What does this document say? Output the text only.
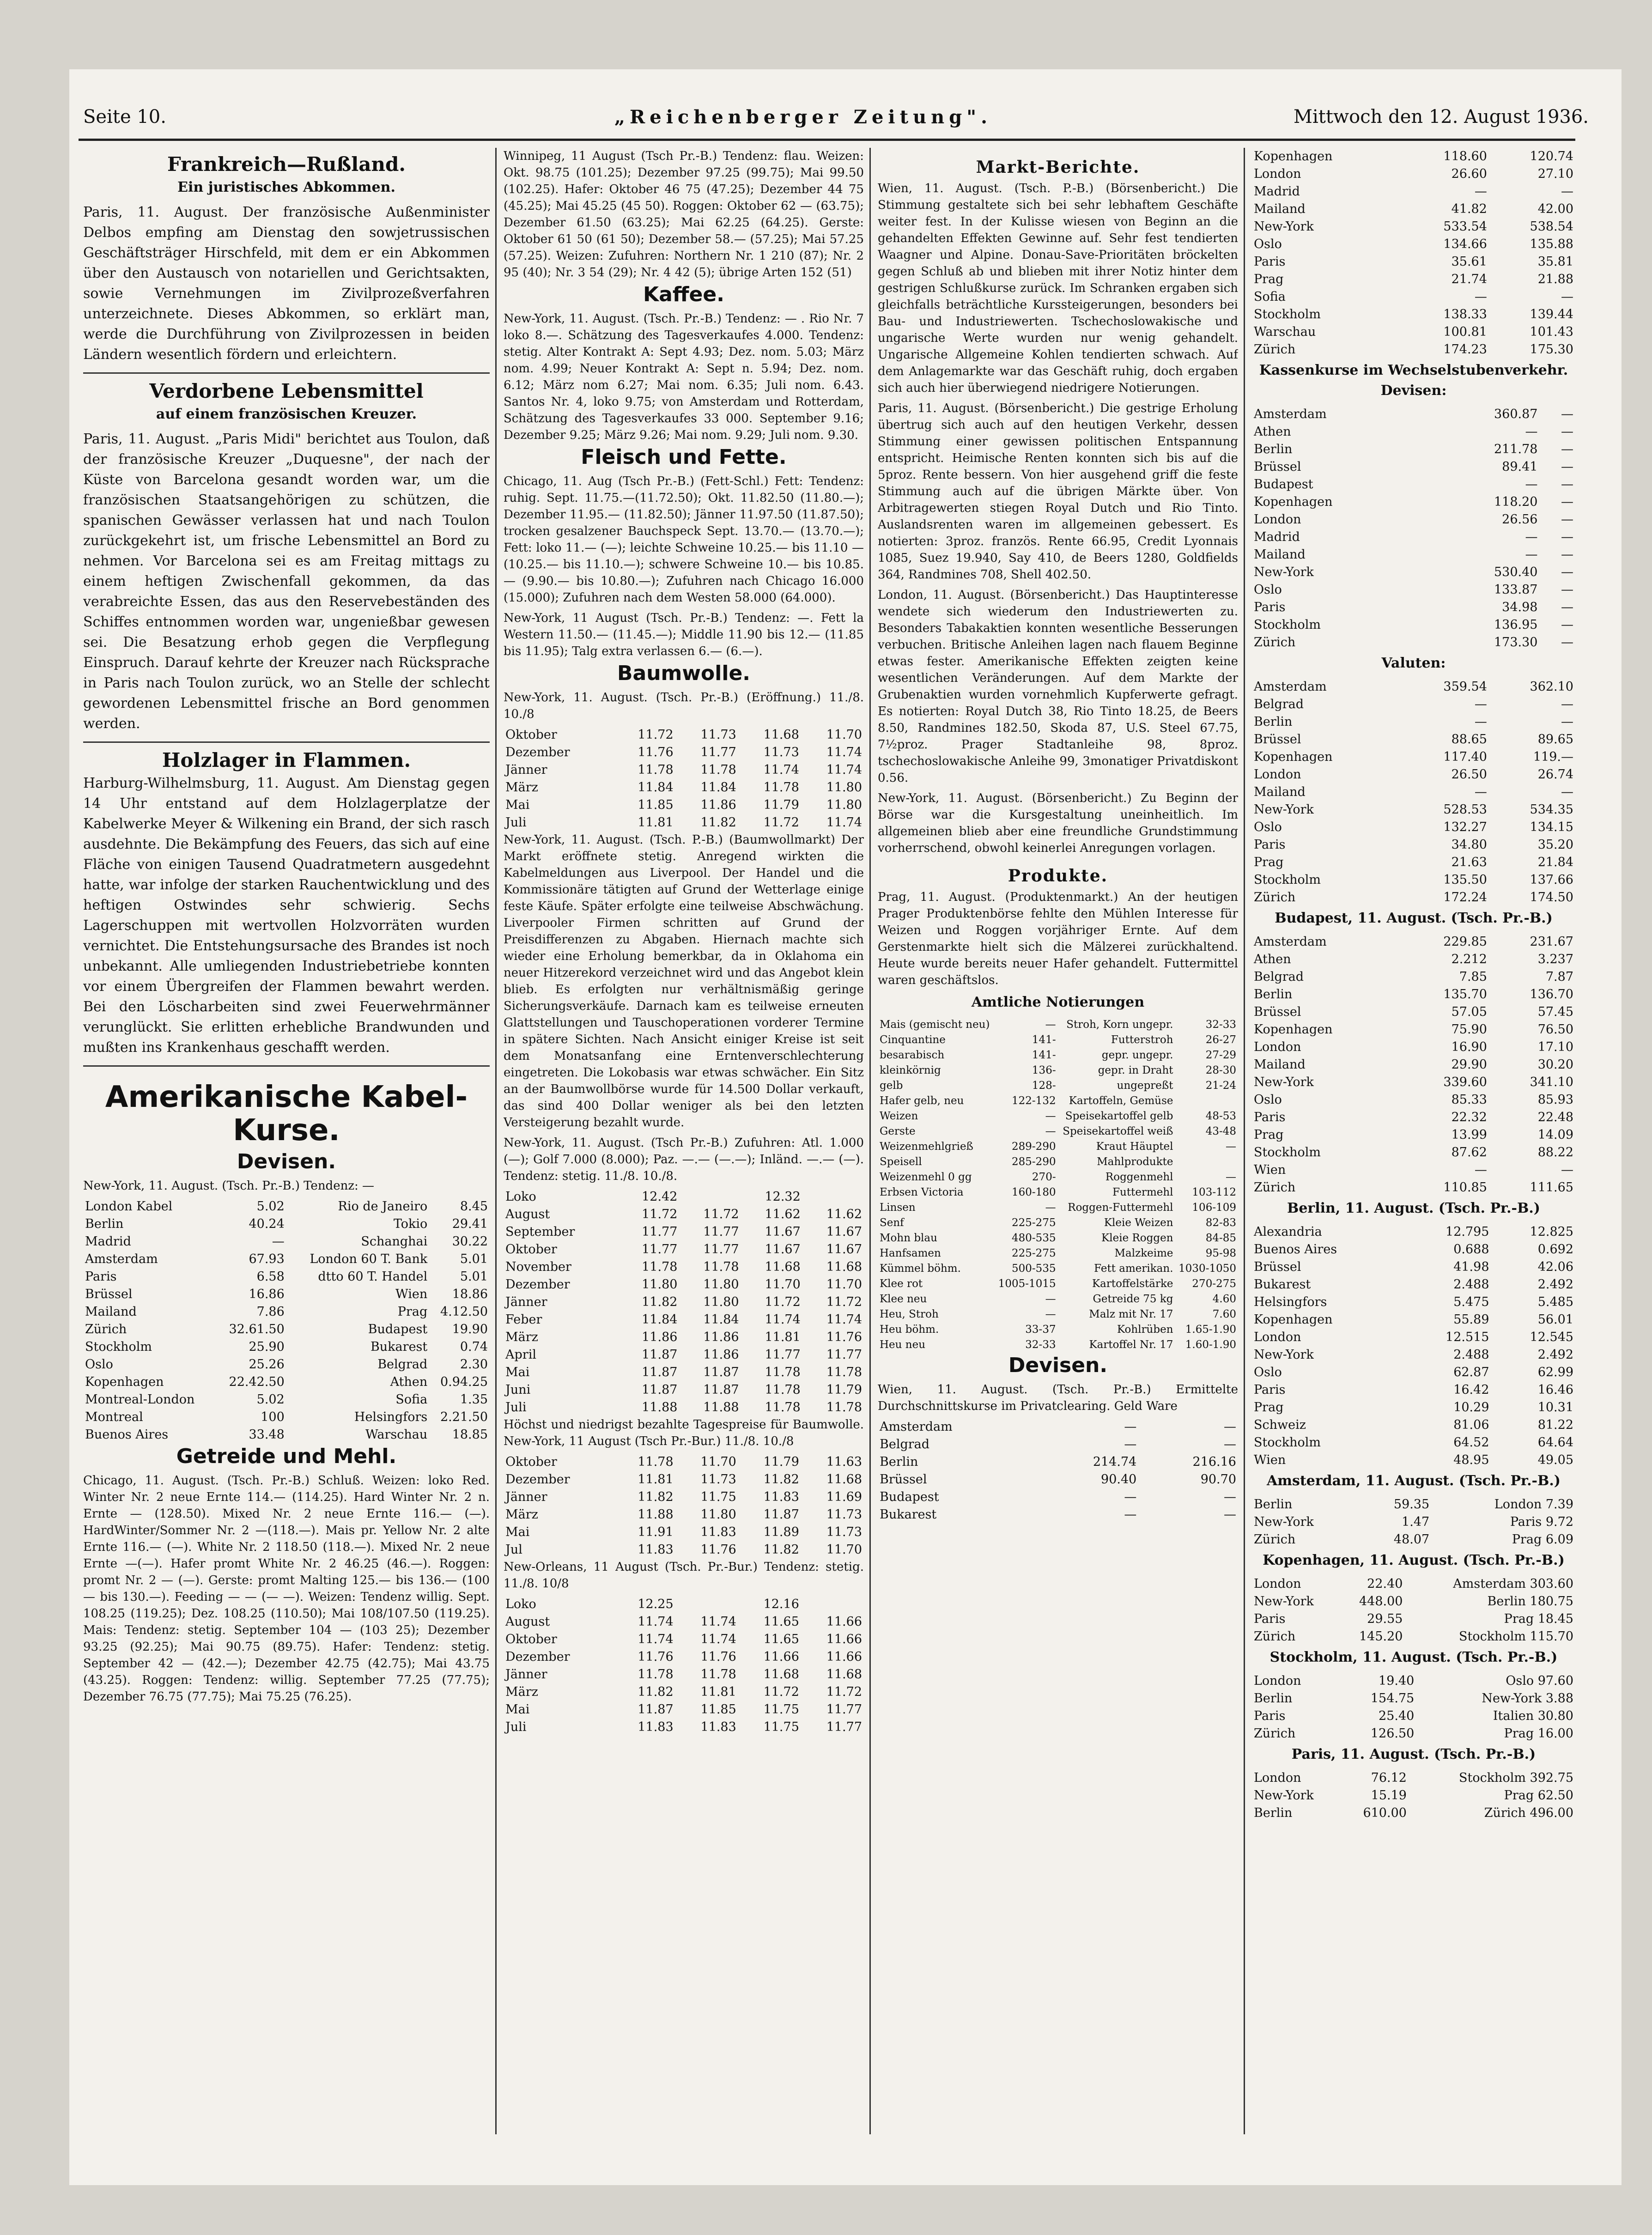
Seite 10.	„Reichenberger Zeitung".	Mittwoch den 12. August 1936.
Frankreich—Rußland.
Ein juristisches Abkommen.

Paris, 11. August. Der französische Außenminister Delbos empfing am Dienstag den sowjetrussischen Geschäftsträger Hirschfeld, mit dem er ein Abkommen über den Austausch von notariellen und Gerichtsakten, sowie Vernehmungen im Zivilprozeßverfahren unterzeichnete. Dieses Abkommen, so erklärt man, werde die Durchführung von Zivilprozessen in beiden Ländern wesentlich fördern und erleichtern.

Verdorbene Lebensmittel
auf einem französischen Kreuzer.

Paris, 11. August. „Paris Midi" berichtet aus Toulon, daß der französische Kreuzer „Duquesne", der nach der Küste von Barcelona gesandt worden war, um die französischen Staatsangehörigen zu schützen, die spanischen Gewässer verlassen hat und nach Toulon zurückgekehrt ist, um frische Lebensmittel an Bord zu nehmen. Vor Barcelona sei es am Freitag mittags zu einem heftigen Zwischenfall gekommen, da das verabreichte Essen, das aus den Reservebeständen des Schiffes entnommen worden war, ungenießbar gewesen sei. Die Besatzung erhob gegen die Verpflegung Einspruch. Darauf kehrte der Kreuzer nach Rücksprache in Paris nach Toulon zurück, wo an Stelle der schlecht gewordenen Lebensmittel frische an Bord genommen werden.

Holzlager in Flammen.

Harburg-Wilhelmsburg, 11. August. Am Dienstag gegen 14 Uhr entstand auf dem Holzlagerplatze der Kabelwerke Meyer & Wilkening ein Brand, der sich rasch ausdehnte. Die Bekämpfung des Feuers, das sich auf eine Fläche von einigen Tausend Quadratmetern ausgedehnt hatte, war infolge der starken Rauchentwicklung und des heftigen Ostwindes sehr schwierig. Sechs Lagerschuppen mit wertvollen Holzvorräten wurden vernichtet. Die Entstehungsursache des Brandes ist noch unbekannt. Alle umliegenden Industriebetriebe konnten vor einem Übergreifen der Flammen bewahrt werden. Bei den Löscharbeiten sind zwei Feuerwehrmänner verunglückt. Sie erlitten erhebliche Brandwunden und mußten ins Krankenhaus geschafft werden.

Amerikanische Kabel-Kurse.
Devisen.

New-York, 11. August. (Tsch. Pr.-B.) Tendenz: —

London Kabel	5.02	Rio de Janeiro	8.45
Berlin	40.24	Tokio	29.41
Madrid	—	Schanghai	30.22
Amsterdam	67.93	London 60 T. Bank	5.01
Paris	6.58	dtto 60 T. Handel	5.01
Brüssel	16.86	Wien	18.86
Mailand	7.86	Prag	4.12.50
Zürich	32.61.50	Budapest	19.90
Stockholm	25.90	Bukarest	0.74
Oslo	25.26	Belgrad	2.30
Kopenhagen	22.42.50	Athen	0.94.25
Montreal-London	5.02	Sofia	1.35
Montreal	100	Helsingfors	2.21.50
Buenos Aires	33.48	Warschau	18.85
Getreide und Mehl.

Chicago, 11. August. (Tsch. Pr.-B.) Schluß. Weizen: loko Red. Winter Nr. 2 neue Ernte 114.— (114.25). Hard Winter Nr. 2 n. Ernte — (128.50). Mixed Nr. 2 neue Ernte 116.— (—). HardWinter/Sommer Nr. 2 —(118.—). Mais pr. Yellow Nr. 2 alte Ernte 116.— (—). White Nr. 2 118.50 (118.—). Mixed Nr. 2 neue Ernte —(—). Hafer promt White Nr. 2 46.25 (46.—). Roggen: promt Nr. 2 — (—). Gerste: promt Malting 125.— bis 136.— (100 — bis 130.—). Feeding — — (— —). Weizen: Tendenz willig. Sept. 108.25 (119.25); Dez. 108.25 (110.50); Mai 108/107.50 (119.25). Mais: Tendenz: stetig. September 104 — (103 25); Dezember 93.25 (92.25); Mai 90.75 (89.75). Hafer: Tendenz: stetig. September 42 — (42.—); Dezember 42.75 (42.75); Mai 43.75 (43.25). Roggen: Tendenz: willig. September 77.25 (77.75); Dezember 76.75 (77.75); Mai 75.25 (76.25).

Winnipeg, 11 August (Tsch Pr.-B.) Tendenz: flau. Weizen: Okt. 98.75 (101.25); Dezember 97.25 (99.75); Mai 99.50 (102.25). Hafer: Oktober 46 75 (47.25); Dezember 44 75 (45.25); Mai 45.25 (45 50). Roggen: Oktober 62 — (63.75); Dezember 61.50 (63.25); Mai 62.25 (64.25). Gerste: Oktober 61 50 (61 50); Dezember 58.— (57.25); Mai 57.25 (57.25). Weizen: Zufuhren: Northern Nr. 1 210 (87); Nr. 2 95 (40); Nr. 3 54 (29); Nr. 4 42 (5); übrige Arten 152 (51)

Kaffee.

New-York, 11. August. (Tsch. Pr.-B.) Tendenz: — . Rio Nr. 7 loko 8.—. Schätzung des Tagesverkaufes 4.000. Tendenz: stetig. Alter Kontrakt A: Sept 4.93; Dez. nom. 5.03; März nom. 4.99; Neuer Kontrakt A: Sept n. 5.94; Dez. nom. 6.12; März nom 6.27; Mai nom. 6.35; Juli nom. 6.43. Santos Nr. 4, loko 9.75; von Amsterdam und Rotterdam, Schätzung des Tagesverkaufes 33 000. September 9.16; Dezember 9.25; März 9.26; Mai nom. 9.29; Juli nom. 9.30.

Fleisch und Fette.

Chicago, 11. Aug (Tsch Pr.-B.) (Fett-Schl.) Fett: Tendenz: ruhig. Sept. 11.75.—(11.72.50); Okt. 11.82.50 (11.80.—); Dezember 11.95.— (11.82.50); Jänner 11.97.50 (11.87.50); trocken gesalzener Bauchspeck Sept. 13.70.— (13.70.—); Fett: loko 11.— (—); leichte Schweine 10.25.— bis 11.10 — (10.25.— bis 11.10.—); schwere Schweine 10.— bis 10.85.— (9.90.— bis 10.80.—); Zufuhren nach Chicago 16.000 (15.000); Zufuhren nach dem Westen 58.000 (64.000).

New-York, 11 August (Tsch. Pr.-B.) Tendenz: —. Fett la Western 11.50.— (11.45.—); Middle 11.90 bis 12.— (11.85 bis 11.95); Talg extra verlassen 6.— (6.—).

Baumwolle.

New-York, 11. August. (Tsch. Pr.-B.) (Eröffnung.) 11./8. 10./8

Oktober	11.72	11.73	11.68	11.70
Dezember	11.76	11.77	11.73	11.74
Jänner	11.78	11.78	11.74	11.74
März	11.84	11.84	11.78	11.80
Mai	11.85	11.86	11.79	11.80
Juli	11.81	11.82	11.72	11.74

New-York, 11. August. (Tsch. P.-B.) (Baumwollmarkt) Der Markt eröffnete stetig. Anregend wirkten die Kabelmeldungen aus Liverpool. Der Handel und die Kommissionäre tätigten auf Grund der Wetterlage einige feste Käufe. Später erfolgte eine teilweise Abschwächung. Liverpooler Firmen schritten auf Grund der Preisdifferenzen zu Abgaben. Hiernach machte sich wieder eine Erholung bemerkbar, da in Oklahoma ein neuer Hitzerekord verzeichnet wird und das Angebot klein blieb. Es erfolgten nur verhältnismäßig geringe Sicherungsverkäufe. Darnach kam es teilweise erneuten Glattstellungen und Tauschoperationen vorderer Termine in spätere Sichten. Nach Ansicht einiger Kreise ist seit dem Monatsanfang eine Erntenverschlechterung eingetreten. Die Lokobasis war etwas schwächer. Ein Sitz an der Baumwollbörse wurde für 14.500 Dollar verkauft, das sind 400 Dollar weniger als bei den letzten Versteigerung bezahlt wurde.

New-York, 11. August. (Tsch Pr.-B.) Zufuhren: Atl. 1.000 (—); Golf 7.000 (8.000); Paz. —.— (—.—); Inländ. —.— (—). Tendenz: stetig. 11./8. 10./8.

Loko	12.42		12.32	
August	11.72	11.72	11.62	11.62
September	11.77	11.77	11.67	11.67
Oktober	11.77	11.77	11.67	11.67
November	11.78	11.78	11.68	11.68
Dezember	11.80	11.80	11.70	11.70
Jänner	11.82	11.80	11.72	11.72
Feber	11.84	11.84	11.74	11.74
März	11.86	11.86	11.81	11.76
April	11.87	11.86	11.77	11.77
Mai	11.87	11.87	11.78	11.78
Juni	11.87	11.87	11.78	11.79
Juli	11.88	11.88	11.78	11.78

Höchst und niedrigst bezahlte Tagespreise für Baumwolle. New-York, 11 August (Tsch Pr.-Bur.) 11./8. 10./8

Oktober	11.78	11.70	11.79	11.63
Dezember	11.81	11.73	11.82	11.68
Jänner	11.82	11.75	11.83	11.69
März	11.88	11.80	11.87	11.73
Mai	11.91	11.83	11.89	11.73
Jul	11.83	11.76	11.82	11.70

New-Orleans, 11 August (Tsch. Pr.-Bur.) Tendenz: stetig. 11./8. 10/8

Loko	12.25		12.16	
August	11.74	11.74	11.65	11.66
Oktober	11.74	11.74	11.65	11.66
Dezember	11.76	11.76	11.66	11.66
Jänner	11.78	11.78	11.68	11.68
März	11.82	11.81	11.72	11.72
Mai	11.87	11.85	11.75	11.77
Juli	11.83	11.83	11.75	11.77
Markt-Berichte.

Wien, 11. August. (Tsch. P.-B.) (Börsenbericht.) Die Stimmung gestaltete sich bei sehr lebhaftem Geschäfte weiter fest. In der Kulisse wiesen von Beginn an die gehandelten Effekten Gewinne auf. Sehr fest tendierten Waagner und Alpine. Donau-Save-Prioritäten bröckelten gegen Schluß ab und blieben mit ihrer Notiz hinter dem gestrigen Schlußkurse zurück. Im Schranken ergaben sich gleichfalls beträchtliche Kurssteigerungen, besonders bei Bau- und Industriewerten. Tschechoslowakische und ungarische Werte wurden nur wenig gehandelt. Ungarische Allgemeine Kohlen tendierten schwach. Auf dem Anlagemarkte war das Geschäft ruhig, doch ergaben sich auch hier überwiegend niedrigere Notierungen.

Paris, 11. August. (Börsenbericht.) Die gestrige Erholung übertrug sich auch auf den heutigen Verkehr, dessen Stimmung einer gewissen politischen Entspannung entspricht. Heimische Renten konnten sich bis auf die 5proz. Rente bessern. Von hier ausgehend griff die feste Stimmung auch auf die übrigen Märkte über. Von Arbitragewerten stiegen Royal Dutch und Rio Tinto. Auslandsrenten waren im allgemeinen gebessert. Es notierten: 3proz. französ. Rente 66.95, Credit Lyonnais 1085, Suez 19.940, Say 410, de Beers 1280, Goldfields 364, Randmines 708, Shell 402.50.

London, 11. August. (Börsenbericht.) Das Hauptinteresse wendete sich wiederum den Industriewerten zu. Besonders Tabakaktien konnten wesentliche Besserungen verbuchen. Britische Anleihen lagen nach flauem Beginne etwas fester. Amerikanische Effekten zeigten keine wesentlichen Veränderungen. Auf dem Markte der Grubenaktien wurden vornehmlich Kupferwerte gefragt. Es notierten: Royal Dutch 38, Rio Tinto 18.25, de Beers 8.50, Randmines 182.50, Skoda 87, U.S. Steel 67.75, 7½proz. Prager Stadtanleihe 98, 8proz. tschechoslowakische Anleihe 99, 3monatiger Privatdiskont 0.56.

New-York, 11. August. (Börsenbericht.) Zu Beginn der Börse war die Kursgestaltung uneinheitlich. Im allgemeinen blieb aber eine freundliche Grundstimmung vorherrschend, obwohl keinerlei Anregungen vorlagen.

Produkte.

Prag, 11. August. (Produktenmarkt.) An der heutigen Prager Produktenbörse fehlte den Mühlen Interesse für Weizen und Roggen vorjähriger Ernte. Auf dem Gerstenmarkte hielt sich die Mälzerei zurückhaltend. Heute wurde bereits neuer Hafer gehandelt. Futtermittel waren geschäftslos.

Amtliche Notierungen
Mais (gemischt neu)	—	Stroh, Korn ungepr.	32-33
Cinquantine	141-	Futterstroh	26-27
besarabisch	141-	gepr. ungepr.	27-29
kleinkörnig	136-	gepr. in Draht	28-30
gelb	128-	ungepreßt	21-24
Hafer gelb, neu	122-132	Kartoffeln, Gemüse	
Weizen	—	Speisekartoffel gelb	48-53
Gerste	—	Speisekartoffel weiß	43-48
Weizenmehlgrieß	289-290	Kraut Häuptel	—
Speisell	285-290	Mahlprodukte	
Weizenmehl 0 gg	270-	Roggenmehl	—
Erbsen Victoria	160-180	Futtermehl	103-112
Linsen	—	Roggen-Futtermehl	106-109
Senf	225-275	Kleie Weizen	82-83
Mohn blau	480-535	Kleie Roggen	84-85
Hanfsamen	225-275	Malzkeime	95-98
Kümmel böhm.	500-535	Fett amerikan.	1030-1050
Klee rot	1005-1015	Kartoffelstärke	270-275
Klee neu	—	Getreide 75 kg	4.60
Heu, Stroh	—	Malz mit Nr. 17	7.60
Heu böhm.	33-37	Kohlrüben	1.65-1.90
Heu neu	32-33	Kartoffel Nr. 17	1.60-1.90
Devisen.

Wien, 11. August. (Tsch. Pr.-B.) Ermittelte Durchschnittskurse im Privatclearing. Geld Ware

Amsterdam	—	—
Belgrad	—	—
Berlin	214.74	216.16
Brüssel	90.40	90.70
Budapest	—	—
Bukarest	—	—
Kopenhagen	118.60	120.74
London	26.60	27.10
Madrid	—	—
Mailand	41.82	42.00
New-York	533.54	538.54
Oslo	134.66	135.88
Paris	35.61	35.81
Prag	21.74	21.88
Sofia	—	—
Stockholm	138.33	139.44
Warschau	100.81	101.43
Zürich	174.23	175.30
Kassenkurse im Wechselstubenverkehr. Devisen:
Amsterdam	360.87	—
Athen	—	—
Berlin	211.78	—
Brüssel	89.41	—
Budapest	—	—
Kopenhagen	118.20	—
London	26.56	—
Madrid	—	—
Mailand	—	—
New-York	530.40	—
Oslo	133.87	—
Paris	34.98	—
Stockholm	136.95	—
Zürich	173.30	—
Valuten:
Amsterdam	359.54	362.10
Belgrad	—	—
Berlin	—	—
Brüssel	88.65	89.65
Kopenhagen	117.40	119.—
London	26.50	26.74
Mailand	—	—
New-York	528.53	534.35
Oslo	132.27	134.15
Paris	34.80	35.20
Prag	21.63	21.84
Stockholm	135.50	137.66
Zürich	172.24	174.50
Budapest, 11. August. (Tsch. Pr.-B.)
Amsterdam	229.85	231.67
Athen	2.212	3.237
Belgrad	7.85	7.87
Berlin	135.70	136.70
Brüssel	57.05	57.45
Kopenhagen	75.90	76.50
London	16.90	17.10
Mailand	29.90	30.20
New-York	339.60	341.10
Oslo	85.33	85.93
Paris	22.32	22.48
Prag	13.99	14.09
Stockholm	87.62	88.22
Wien	—	—
Zürich	110.85	111.65
Berlin, 11. August. (Tsch. Pr.-B.)
Alexandria	12.795	12.825
Buenos Aires	0.688	0.692
Brüssel	41.98	42.06
Bukarest	2.488	2.492
Helsingfors	5.475	5.485
Kopenhagen	55.89	56.01
London	12.515	12.545
New-York	2.488	2.492
Oslo	62.87	62.99
Paris	16.42	16.46
Prag	10.29	10.31
Schweiz	81.06	81.22
Stockholm	64.52	64.64
Wien	48.95	49.05
Amsterdam, 11. August. (Tsch. Pr.-B.)
Berlin	59.35	London 7.39
New-York	1.47	Paris 9.72
Zürich	48.07	Prag 6.09
Kopenhagen, 11. August. (Tsch. Pr.-B.)
London	22.40	Amsterdam 303.60
New-York	448.00	Berlin 180.75
Paris	29.55	Prag 18.45
Zürich	145.20	Stockholm 115.70
Stockholm, 11. August. (Tsch. Pr.-B.)
London	19.40	Oslo 97.60
Berlin	154.75	New-York 3.88
Paris	25.40	Italien 30.80
Zürich	126.50	Prag 16.00
Paris, 11. August. (Tsch. Pr.-B.)
London	76.12	Stockholm 392.75
New-York	15.19	Prag 62.50
Berlin	610.00	Zürich 496.00
